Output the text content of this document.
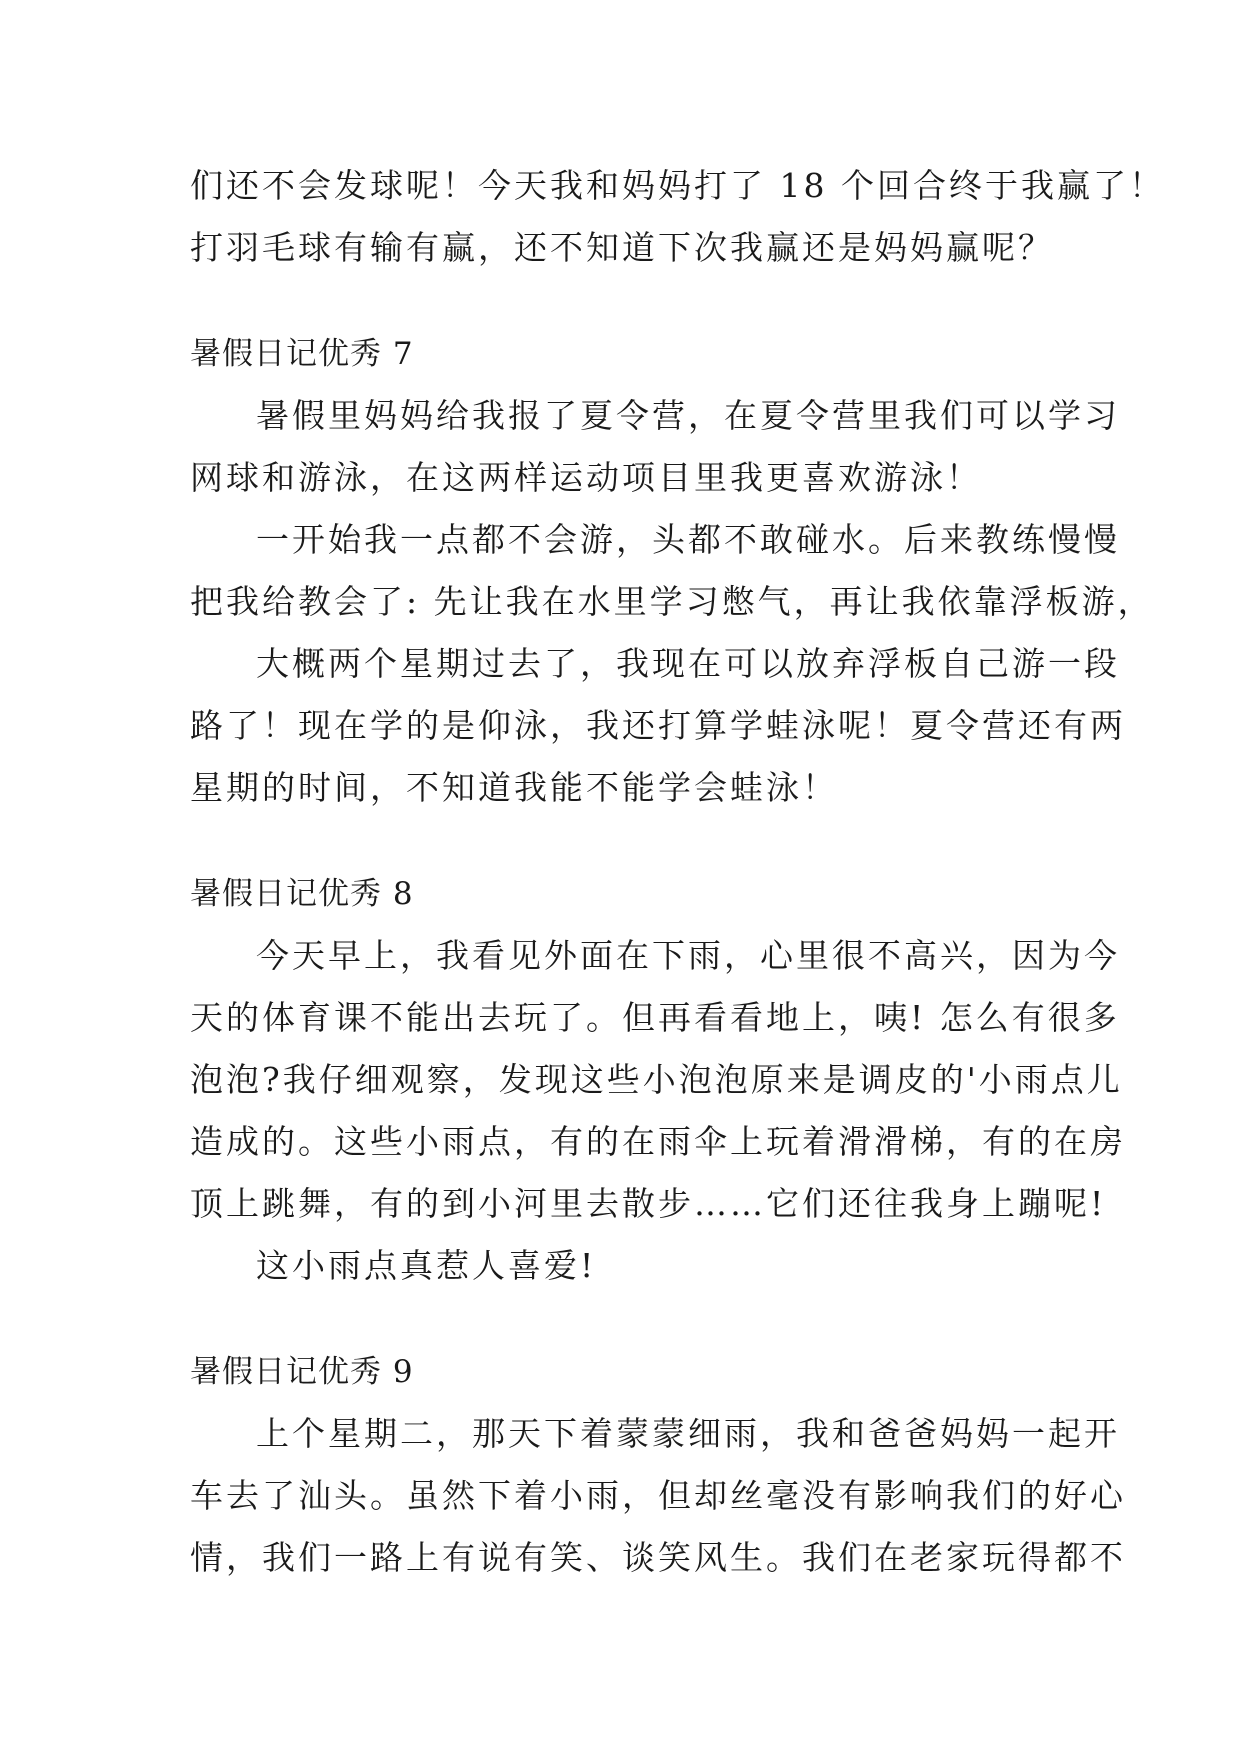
们还不会发球呢！今天我和妈妈打了 18 个回合终于我赢了！

打羽毛球有输有赢，还不知道下次我赢还是妈妈赢呢？

暑假日记优秀 7

暑假里妈妈给我报了夏令营，在夏令营里我们可以学习

网球和游泳，在这两样运动项目里我更喜欢游泳！

一开始我一点都不会游，头都不敢碰水。后来教练慢慢

把我给教会了: 先让我在水里学习憋气，再让我依靠浮板游，

大概两个星期过去了，我现在可以放弃浮板自己游一段

路了！现在学的是仰泳，我还打算学蛙泳呢！夏令营还有两

星期的时间，不知道我能不能学会蛙泳！

暑假日记优秀 8

今天早上，我看见外面在下雨，心里很不高兴，因为今

天的体育课不能出去玩了。但再看看地上，咦! 怎么有很多

泡泡?我仔细观察，发现这些小泡泡原来是调皮的'小雨点儿

造成的。这些小雨点，有的在雨伞上玩着滑滑梯，有的在房

顶上跳舞，有的到小河里去散步……它们还往我身上蹦呢!

这小雨点真惹人喜爱!

暑假日记优秀 9

上个星期二，那天下着蒙蒙细雨，我和爸爸妈妈一起开

车去了汕头。虽然下着小雨，但却丝毫没有影响我们的好心

情，我们一路上有说有笑、谈笑风生。我们在老家玩得都不
